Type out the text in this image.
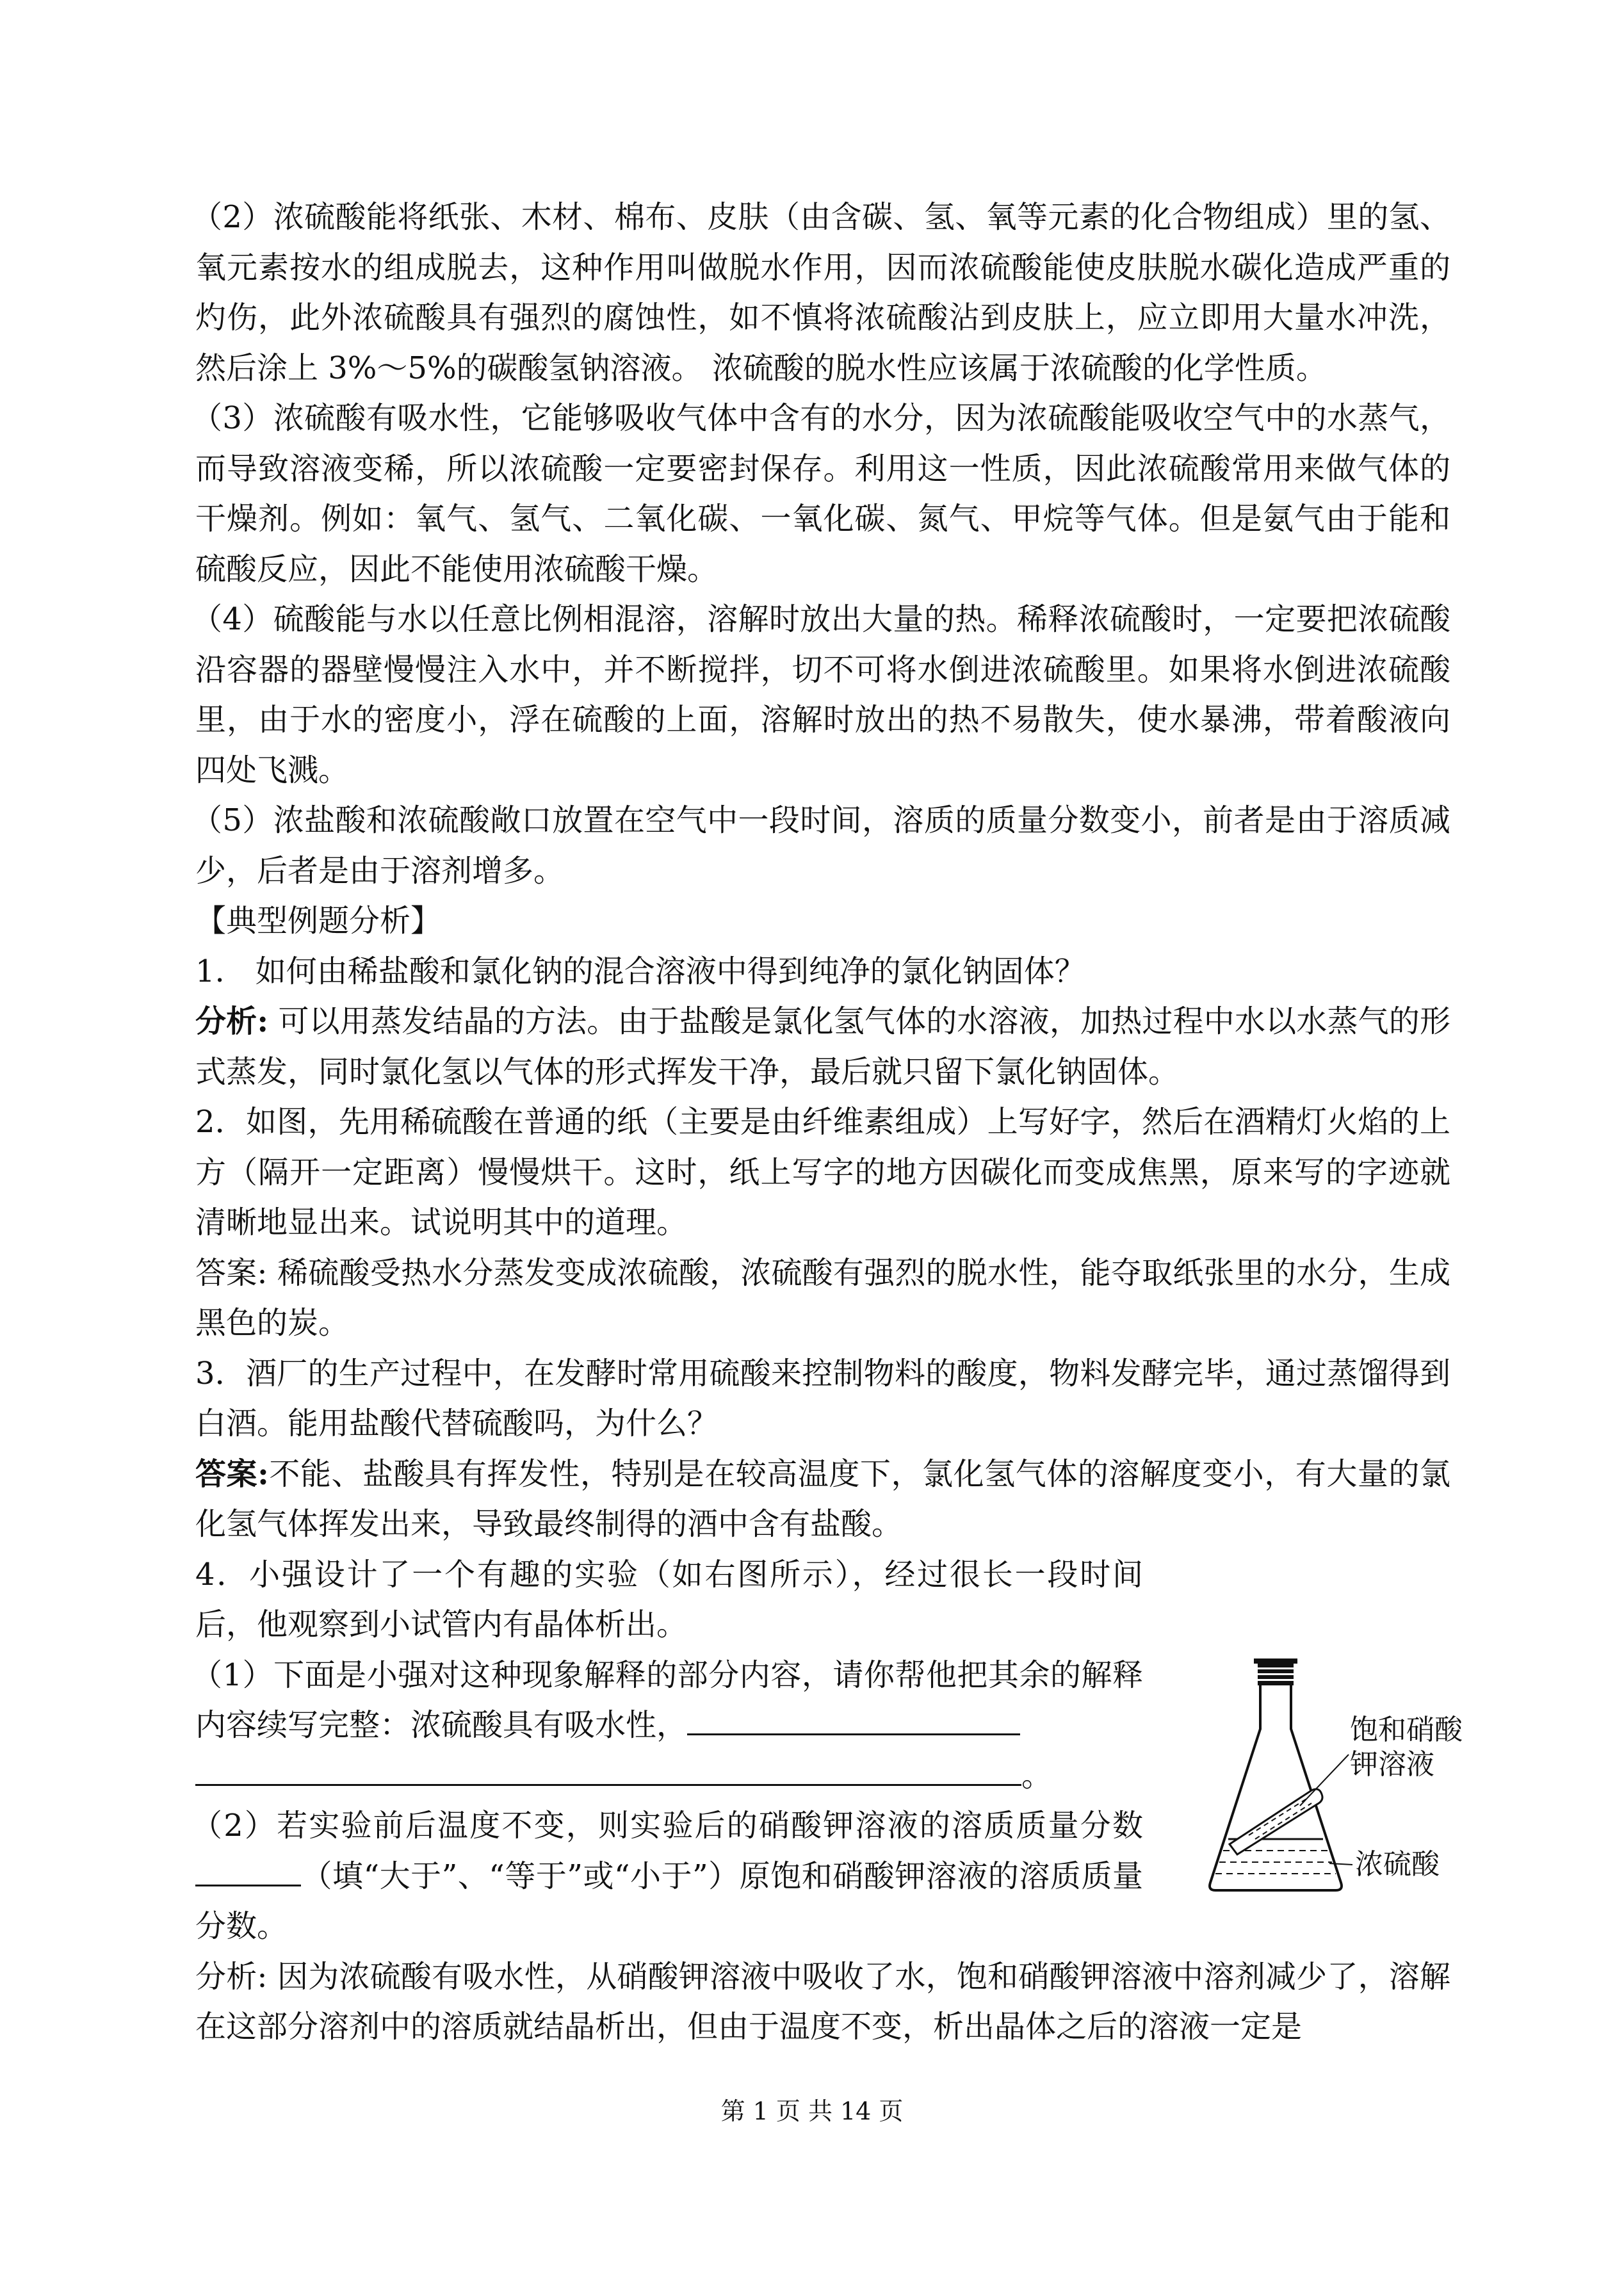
（2）浓硫酸能将纸张、木材、棉布、皮肤（由含碳、氢、氧等元素的化合物组成）里的氢、氧元素按水的组成脱去，这种作用叫做脱水作用，因而浓硫酸能使皮肤脱水碳化造成严重的灼伤，此外浓硫酸具有强烈的腐蚀性，如不慎将浓硫酸沾到皮肤上，应立即用大量水冲洗，然后涂上 3%～5%的碳酸氢钠溶液。 浓硫酸的脱水性应该属于浓硫酸的化学性质。

（3）浓硫酸有吸水性，它能够吸收气体中含有的水分，因为浓硫酸能吸收空气中的水蒸气，而导致溶液变稀，所以浓硫酸一定要密封保存。利用这一性质，因此浓硫酸常用来做气体的干燥剂。例如：氧气、氢气、二氧化碳、一氧化碳、氮气、甲烷等气体。但是氨气由于能和硫酸反应，因此不能使用浓硫酸干燥。

（4）硫酸能与水以任意比例相混溶，溶解时放出大量的热。稀释浓硫酸时，一定要把浓硫酸沿容器的器壁慢慢注入水中，并不断搅拌，切不可将水倒进浓硫酸里。如果将水倒进浓硫酸里，由于水的密度小，浮在硫酸的上面，溶解时放出的热不易散失，使水暴沸，带着酸液向四处飞溅。

（5）浓盐酸和浓硫酸敞口放置在空气中一段时间，溶质的质量分数变小，前者是由于溶质减少，后者是由于溶剂增多。

【典型例题分析】

1.　如何由稀盐酸和氯化钠的混合溶液中得到纯净的氯化钠固体？

分析: 可以用蒸发结晶的方法。由于盐酸是氯化氢气体的水溶液，加热过程中水以水蒸气的形式蒸发，同时氯化氢以气体的形式挥发干净，最后就只留下氯化钠固体。

2．如图，先用稀硫酸在普通的纸（主要是由纤维素组成）上写好字，然后在酒精灯火焰的上方（隔开一定距离）慢慢烘干。这时，纸上写字的地方因碳化而变成焦黑，原来写的字迹就清晰地显出来。试说明其中的道理。

答案: 稀硫酸受热水分蒸发变成浓硫酸，浓硫酸有强烈的脱水性，能夺取纸张里的水分，生成黑色的炭。

3．酒厂的生产过程中，在发酵时常用硫酸来控制物料的酸度，物料发酵完毕，通过蒸馏得到白酒。能用盐酸代替硫酸吗，为什么？

答案:不能、盐酸具有挥发性，特别是在较高温度下，氯化氢气体的溶解度变小，有大量的氯化氢气体挥发出来，导致最终制得的酒中含有盐酸。

4．小强设计了一个有趣的实验（如右图所示），经过很长一段时间后，他观察到小试管内有晶体析出。

（1）下面是小强对这种现象解释的部分内容，请你帮他把其余的解释内容续写完整：浓硫酸具有吸水性，
。

（2）若实验前后温度不变，则实验后的硝酸钾溶液的溶质质量分数（填“大于”、“等于”或“小于”）原饱和硝酸钾溶液的溶质质量分数。

饱和硝酸
钾溶液
浓硫酸

分析: 因为浓硫酸有吸水性，从硝酸钾溶液中吸收了水，饱和硝酸钾溶液中溶剂减少了，溶解在这部分溶剂中的溶质就结晶析出，但由于温度不变，析出晶体之后的溶液一定是

第 1 页 共 14 页
